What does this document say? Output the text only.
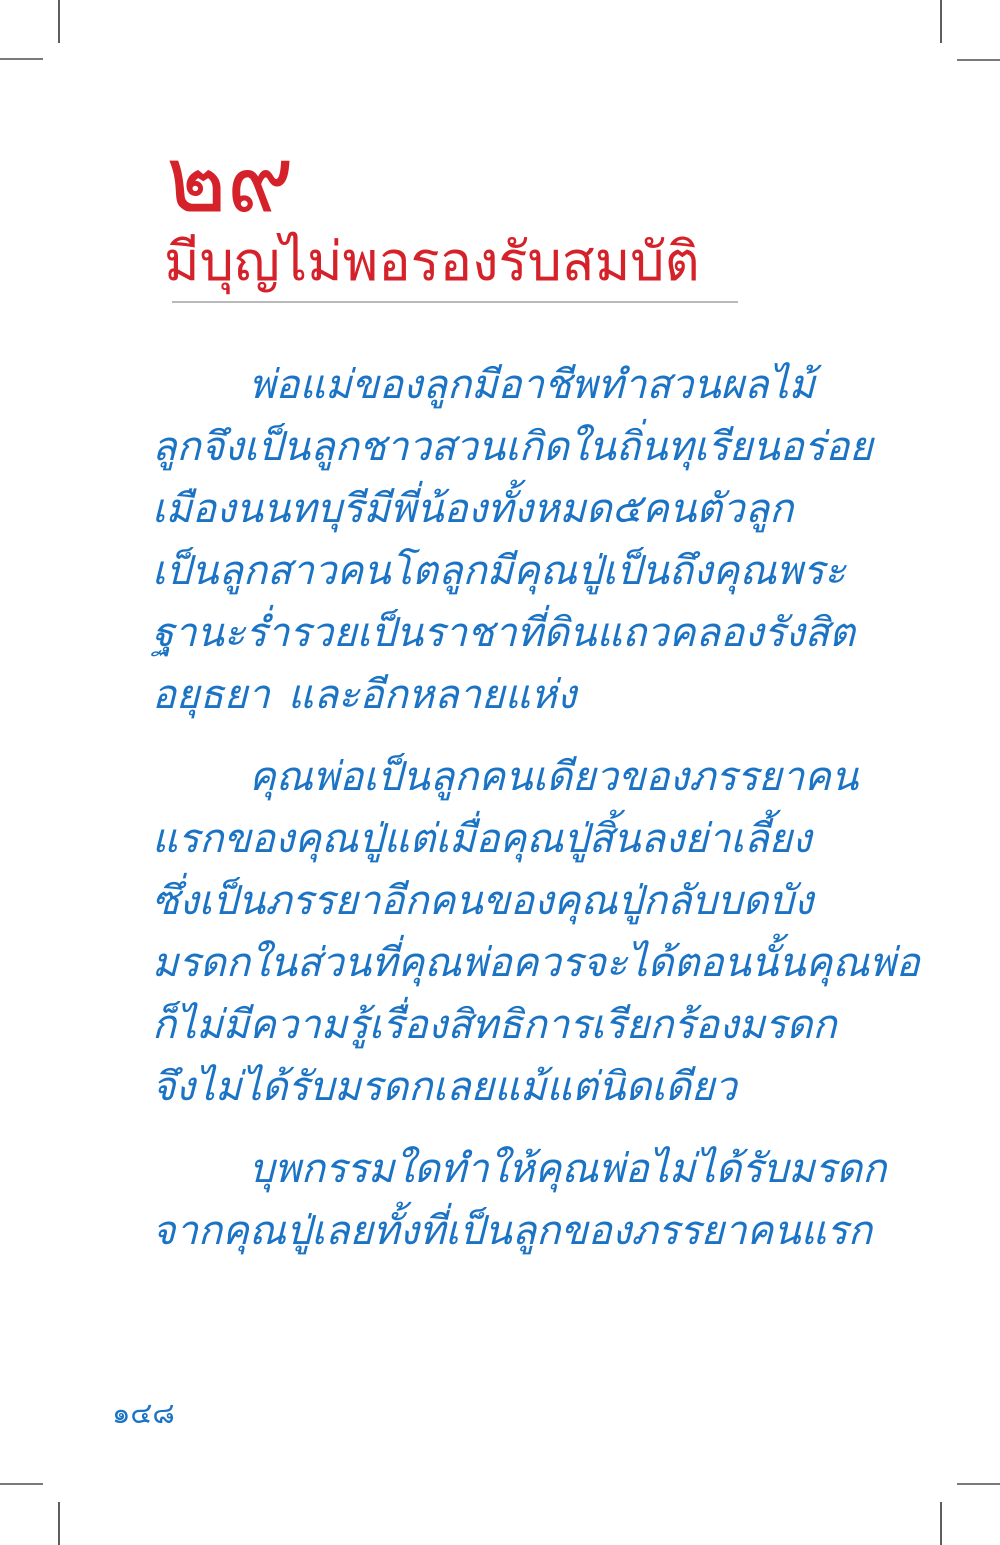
๒๙
มีบุญไม่พอรองรับสมบัติ
พ่อแม่ของลูกมีอาชีพทำสวนผลไม้
ลูกจึงเป็นลูกชาวสวน เกิดในถิ่นทุเรียนอร่อย
เมืองนนทบุรี มีพี่น้องทั้งหมด ๕ คน ตัวลูก
เป็นลูกสาวคนโต ลูกมีคุณปู่เป็นถึงคุณพระ
ฐานะร่ำรวย เป็นราชาที่ดินแถวคลองรังสิต
อยุธยา และอีกหลายแห่ง
คุณพ่อเป็นลูกคนเดียวของภรรยาคน
แรกของคุณปู่ แต่เมื่อคุณปู่สิ้นลง ย่าเลี้ยง
ซึ่งเป็นภรรยาอีกคนของคุณปู่ กลับบดบัง
มรดกในส่วนที่คุณพ่อควรจะได้ ตอนนั้นคุณพ่อ
ก็ไม่มีความรู้เรื่องสิทธิการเรียกร้องมรดก
จึงไม่ได้รับมรดกเลยแม้แต่นิดเดียว
บุพกรรมใดทำให้คุณพ่อไม่ได้รับมรดก
จากคุณปู่เลย ทั้งที่เป็นลูกของภรรยาคนแรก
๑๔๘
